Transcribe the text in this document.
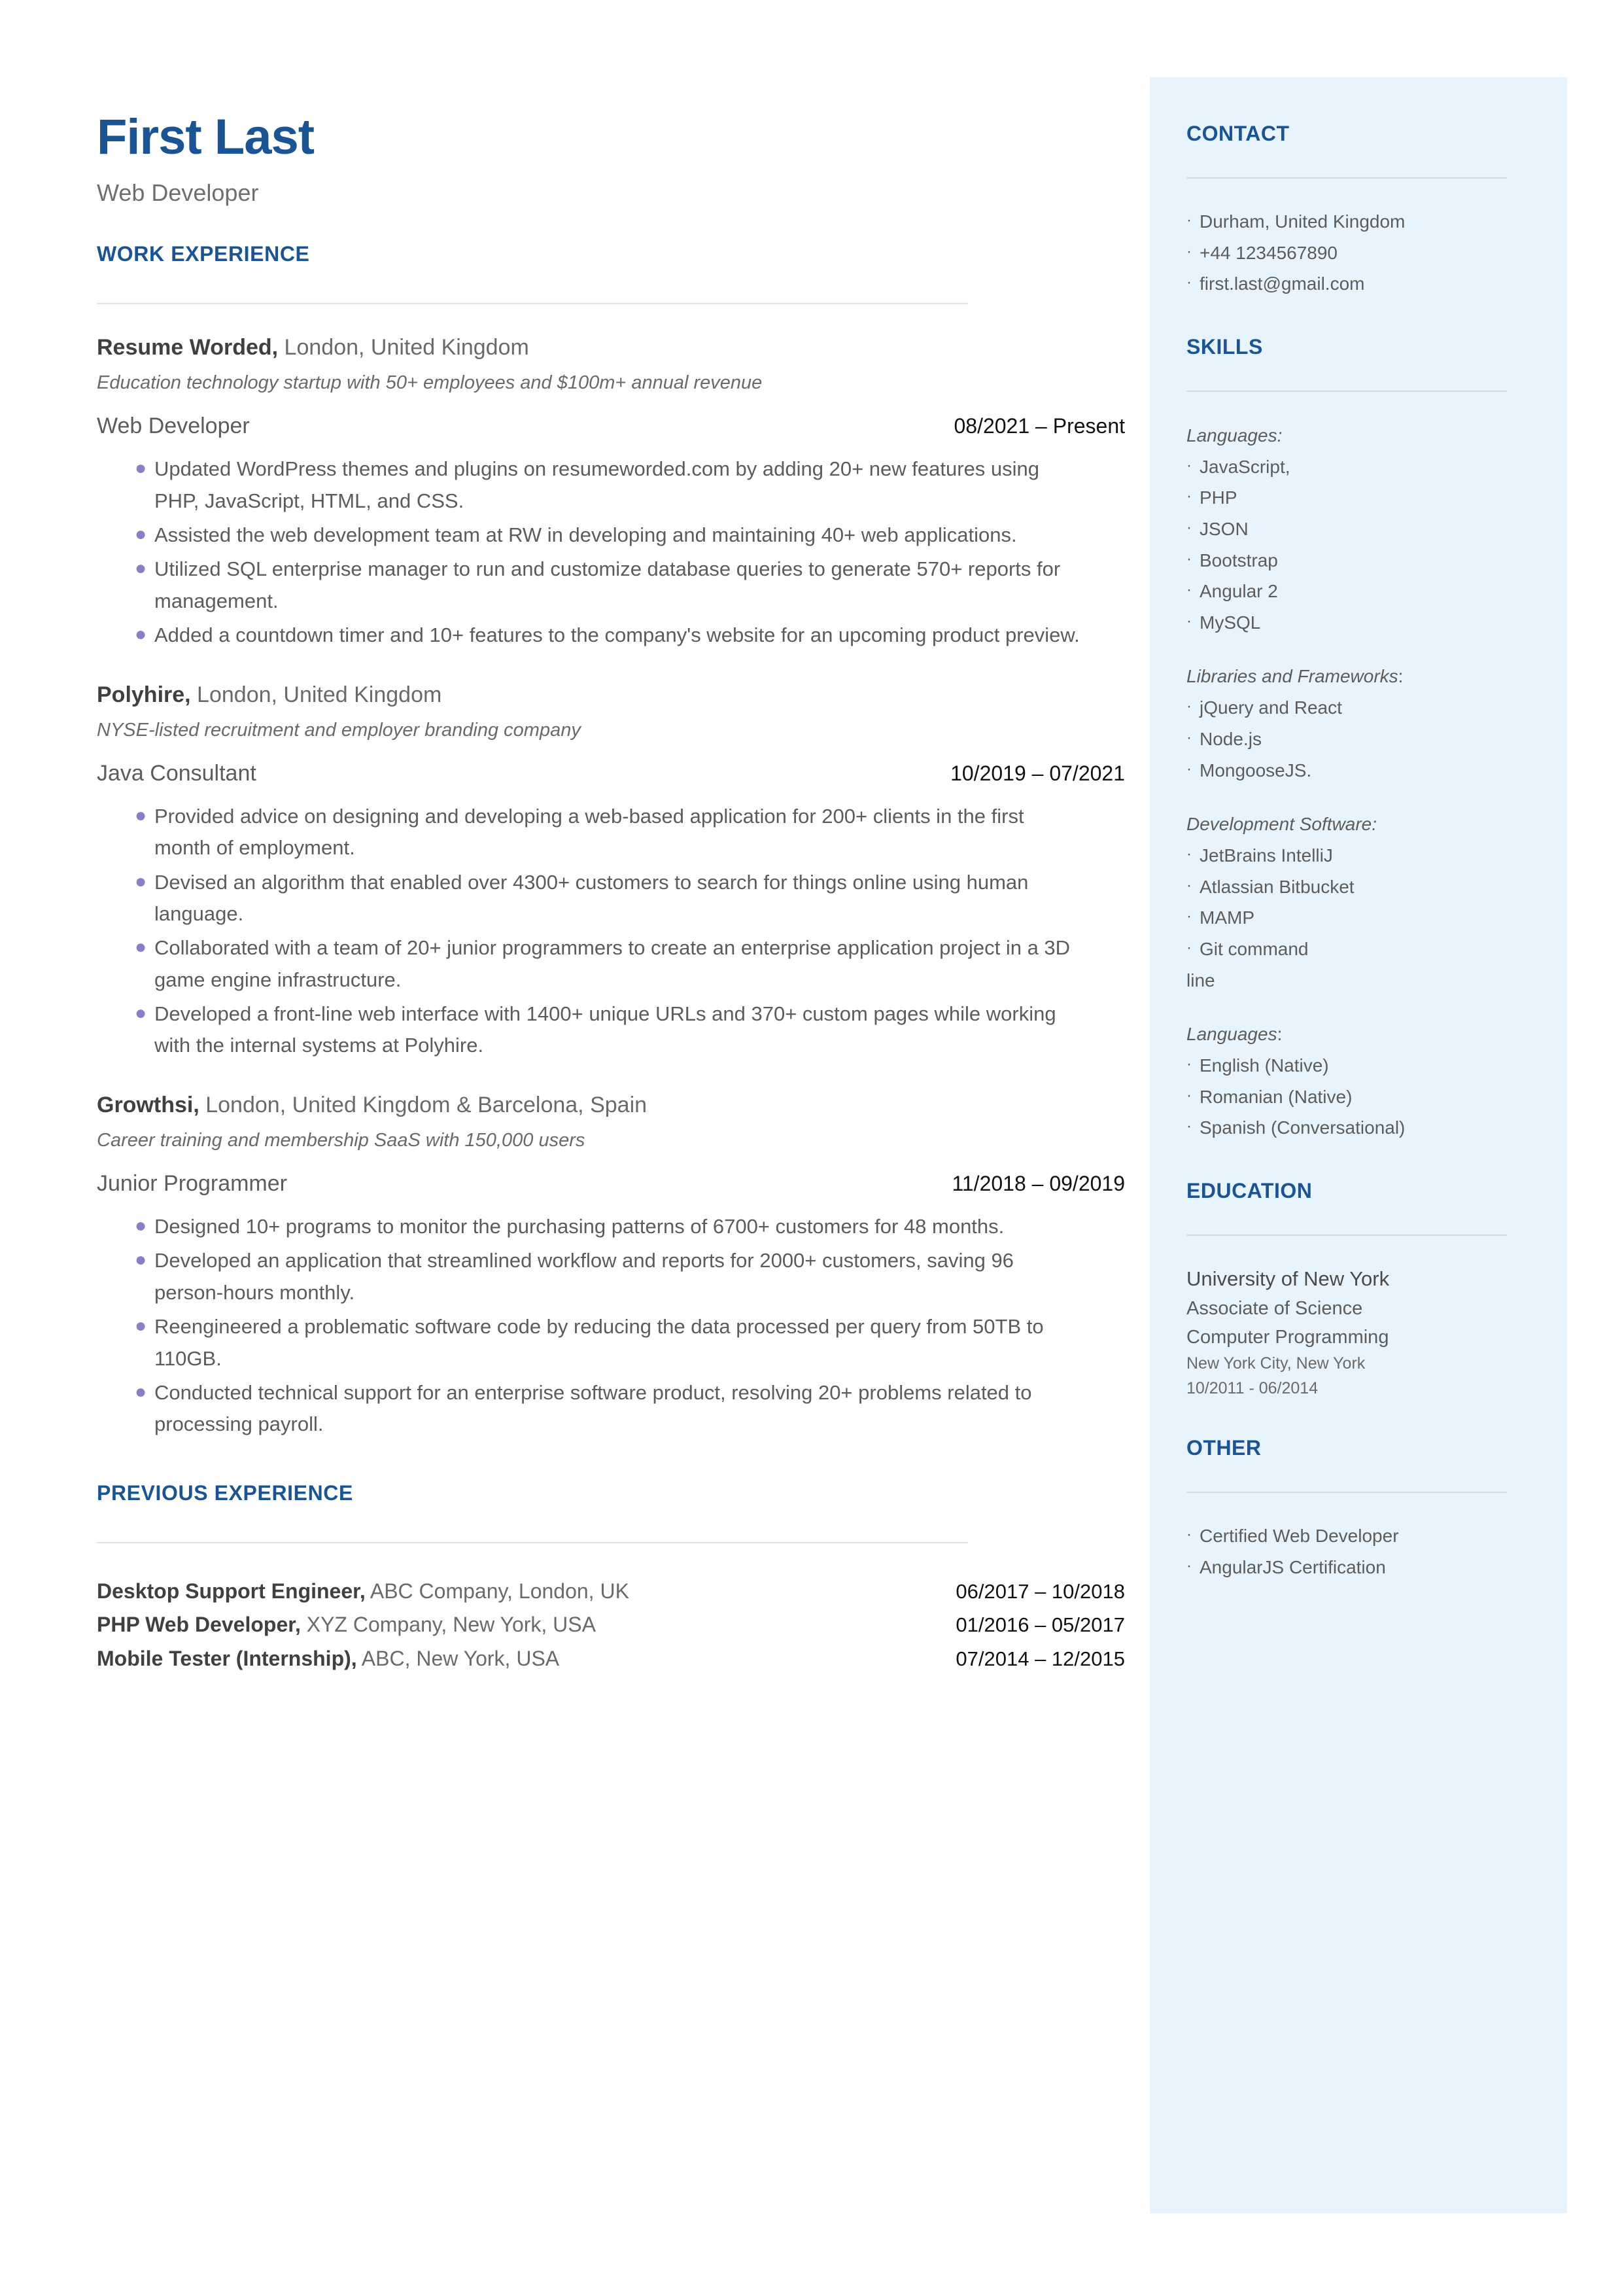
First Last
Web Developer
WORK EXPERIENCE
Resume Worded, London, United Kingdom
Education technology startup with 50+ employees and $100m+ annual revenue
Web Developer	08/2021 – Present
● Updated WordPress themes and plugins on resumeworded.com by adding 20+ new features using PHP, JavaScript, HTML, and CSS.
● Assisted the web development team at RW in developing and maintaining 40+ web applications.
● Utilized SQL enterprise manager to run and customize database queries to generate 570+ reports for management.
● Added a countdown timer and 10+ features to the company's website for an upcoming product preview.
Polyhire, London, United Kingdom
NYSE-listed recruitment and employer branding company
Java Consultant	10/2019 – 07/2021
● Provided advice on designing and developing a web-based application for 200+ clients in the first month of employment.
● Devised an algorithm that enabled over 4300+ customers to search for things online using human language.
● Collaborated with a team of 20+ junior programmers to create an enterprise application project in a 3D game engine infrastructure.
● Developed a front-line web interface with 1400+ unique URLs and 370+ custom pages while working with the internal systems at Polyhire.
Growthsi, London, United Kingdom & Barcelona, Spain
Career training and membership SaaS with 150,000 users
Junior Programmer	11/2018 – 09/2019
● Designed 10+ programs to monitor the purchasing patterns of 6700+ customers for 48 months.
● Developed an application that streamlined workflow and reports for 2000+ customers, saving 96 person-hours monthly.
● Reengineered a problematic software code by reducing the data processed per query from 50TB to 110GB.
● Conducted technical support for an enterprise software product, resolving 20+ problems related to processing payroll.
PREVIOUS EXPERIENCE
Desktop Support Engineer, ABC Company, London, UK	06/2017 – 10/2018
PHP Web Developer, XYZ Company, New York, USA	01/2016 – 05/2017
Mobile Tester (Internship), ABC, New York, USA	07/2014 – 12/2015
CONTACT
· Durham, United Kingdom
· +44 1234567890
· first.last@gmail.com
SKILLS
Languages:
· JavaScript,
· PHP
· JSON
· Bootstrap
· Angular 2
· MySQL
Libraries and Frameworks:
· jQuery and React
· Node.js
· MongooseJS.
Development Software:
· JetBrains IntelliJ
· Atlassian Bitbucket
· MAMP
· Git command
line
Languages:
· English (Native)
· Romanian (Native)
· Spanish (Conversational)
EDUCATION
University of New York
Associate of Science
Computer Programming
New York City, New York
10/2011 - 06/2014
OTHER
· Certified Web Developer
· AngularJS Certification
